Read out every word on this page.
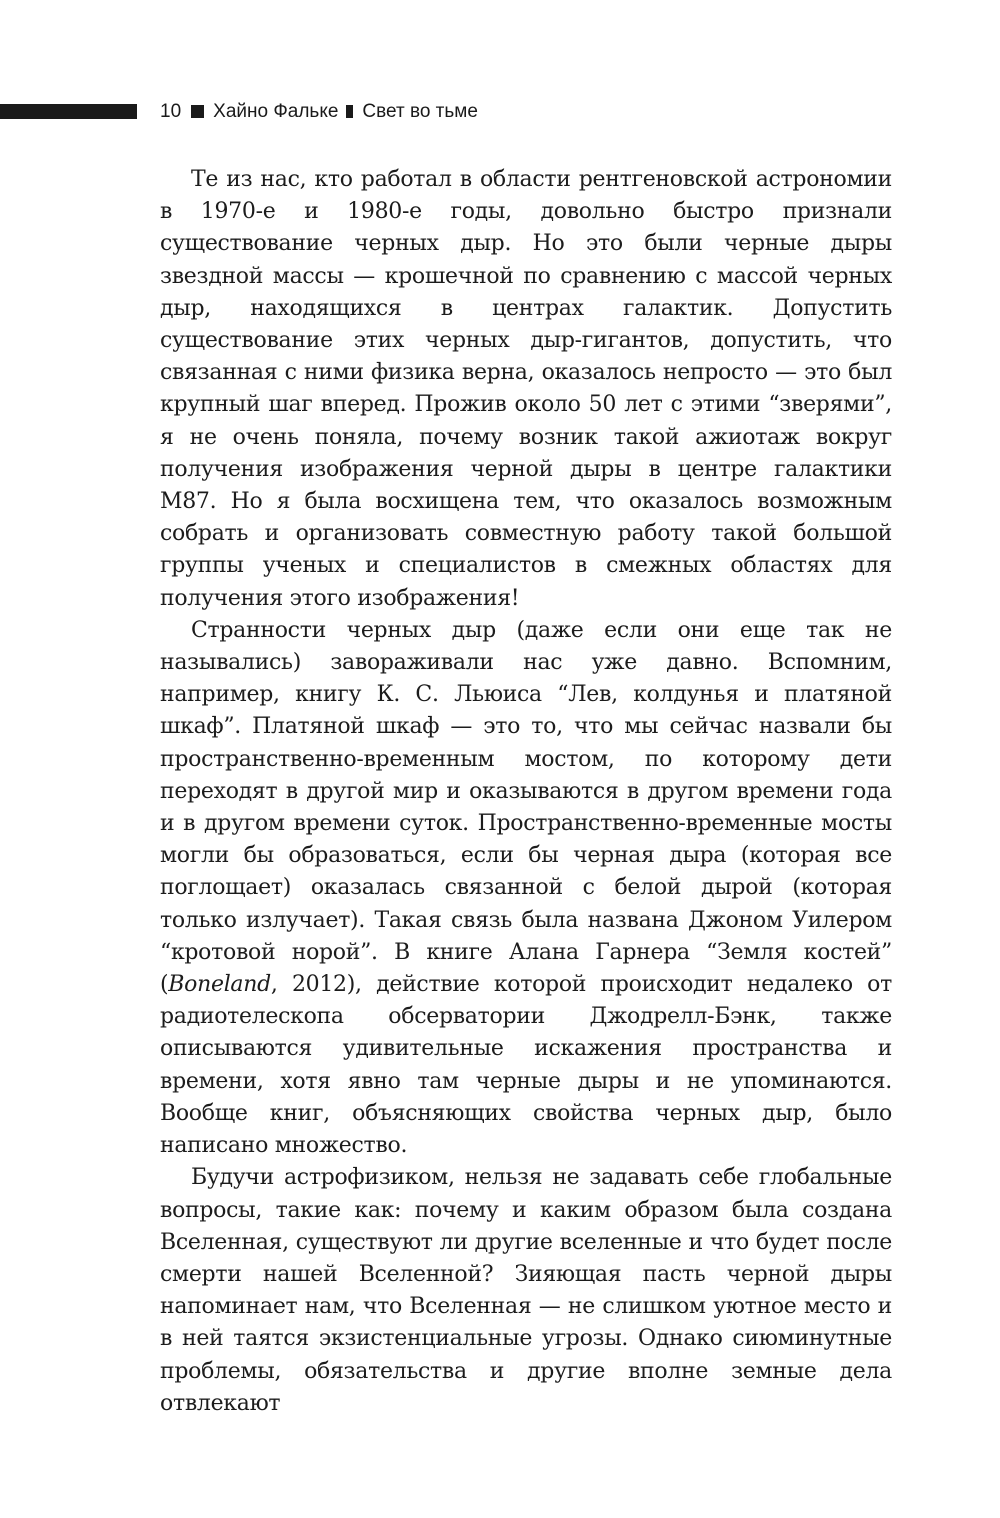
10 Хайно Фальке Свет во тьме

Те из нас, кто работал в области рентгеновской астрономии в 1970-е и 1980-е годы, довольно быстро признали существование черных дыр. Но это были черные дыры звездной массы — крошечной по сравнению с массой черных дыр, находящихся в центрах галактик. Допустить существование этих черных дыр-гигантов, допустить, что связанная с ними физика верна, оказалось непросто — это был крупный шаг вперед. Прожив около 50 лет с этими “зверями”, я не очень поняла, почему возник такой ажиотаж вокруг получения изображения черной дыры в центре галактики M87. Но я была восхищена тем, что оказалось возможным собрать и организовать совместную работу такой большой группы ученых и специалистов в смежных областях для получения этого изображения!

Странности черных дыр (даже если они еще так не назывались) завораживали нас уже давно. Вспомним, например, книгу К. С. Льюиса “Лев, колдунья и платяной шкаф”. Платяной шкаф — это то, что мы сейчас назвали бы пространственно-временным мостом, по которому дети переходят в другой мир и оказываются в другом времени года и в другом времени суток. Пространственно-временные мосты могли бы образоваться, если бы черная дыра (которая все поглощает) оказалась связанной с белой дырой (которая только излучает). Такая связь была названа Джоном Уилером “кротовой норой”. В книге Алана Гарнера “Земля костей” (Boneland, 2012), действие которой происходит недалеко от радиотелескопа обсерватории Джодрелл-Бэнк, также описываются удивительные искажения пространства и времени, хотя явно там черные дыры и не упоминаются. Вообще книг, объясняющих свойства черных дыр, было написано множество.

Будучи астрофизиком, нельзя не задавать себе глобальные вопросы, такие как: почему и каким образом была создана Вселенная, существуют ли другие вселенные и что будет после смерти нашей Вселенной? Зияющая пасть черной дыры напоминает нам, что Вселенная — не слишком уютное место и в ней таятся экзистенциальные угрозы. Однако сиюминутные проблемы, обязательства и другие вполне земные дела отвлекают
